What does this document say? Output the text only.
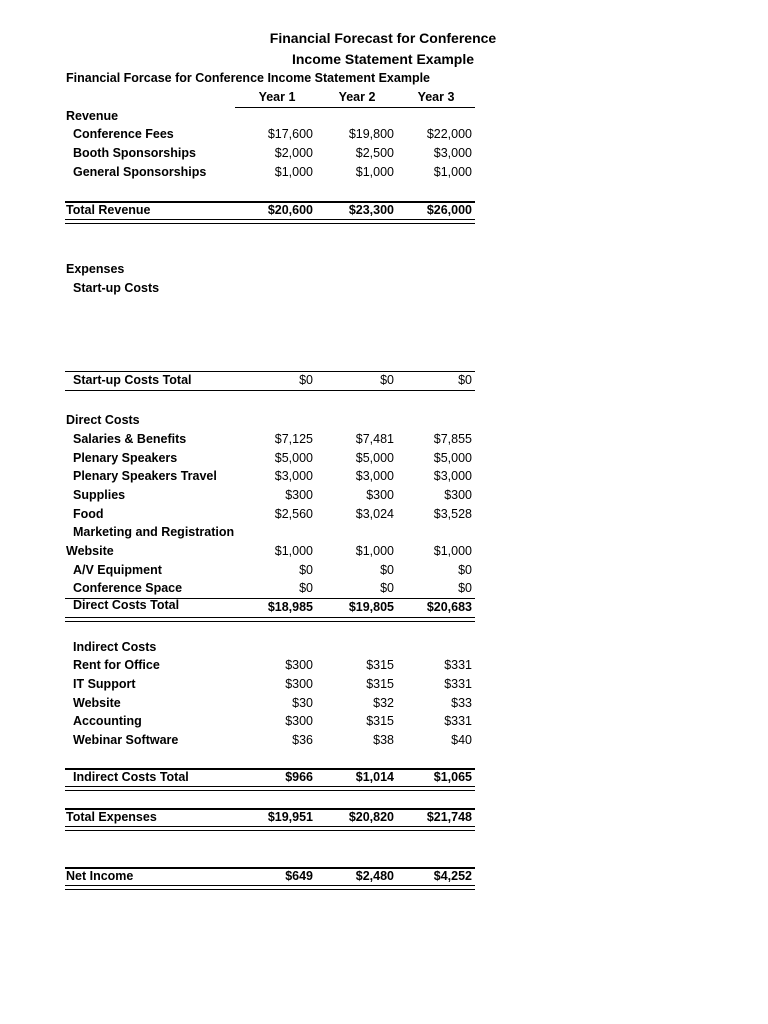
Financial Forecast for Conference
Income Statement Example
Financial Forcase for Conference Income Statement Example
Year 1	Year 2	Year 3
Revenue
Conference Fees	$17,600	$19,800	$22,000
Booth Sponsorships	$2,000	$2,500	$3,000
General Sponsorships	$1,000	$1,000	$1,000
Total Revenue	$20,600	$23,300	$26,000
Expenses
Start-up Costs
Start-up Costs Total	$0	$0	$0
Direct Costs
Salaries & Benefits	$7,125	$7,481	$7,855
Plenary Speakers	$5,000	$5,000	$5,000
Plenary Speakers Travel	$3,000	$3,000	$3,000
Supplies	$300	$300	$300
Food	$2,560	$3,024	$3,528
Marketing and Registration
Website	$1,000	$1,000	$1,000
A/V Equipment	$0	$0	$0
Conference Space	$0	$0	$0
Direct Costs Total	$18,985	$19,805	$20,683
Indirect Costs
Rent for Office	$300	$315	$331
IT Support	$300	$315	$331
Website	$30	$32	$33
Accounting	$300	$315	$331
Webinar Software	$36	$38	$40
Indirect Costs Total	$966	$1,014	$1,065
Total Expenses	$19,951	$20,820	$21,748
Net Income	$649	$2,480	$4,252
